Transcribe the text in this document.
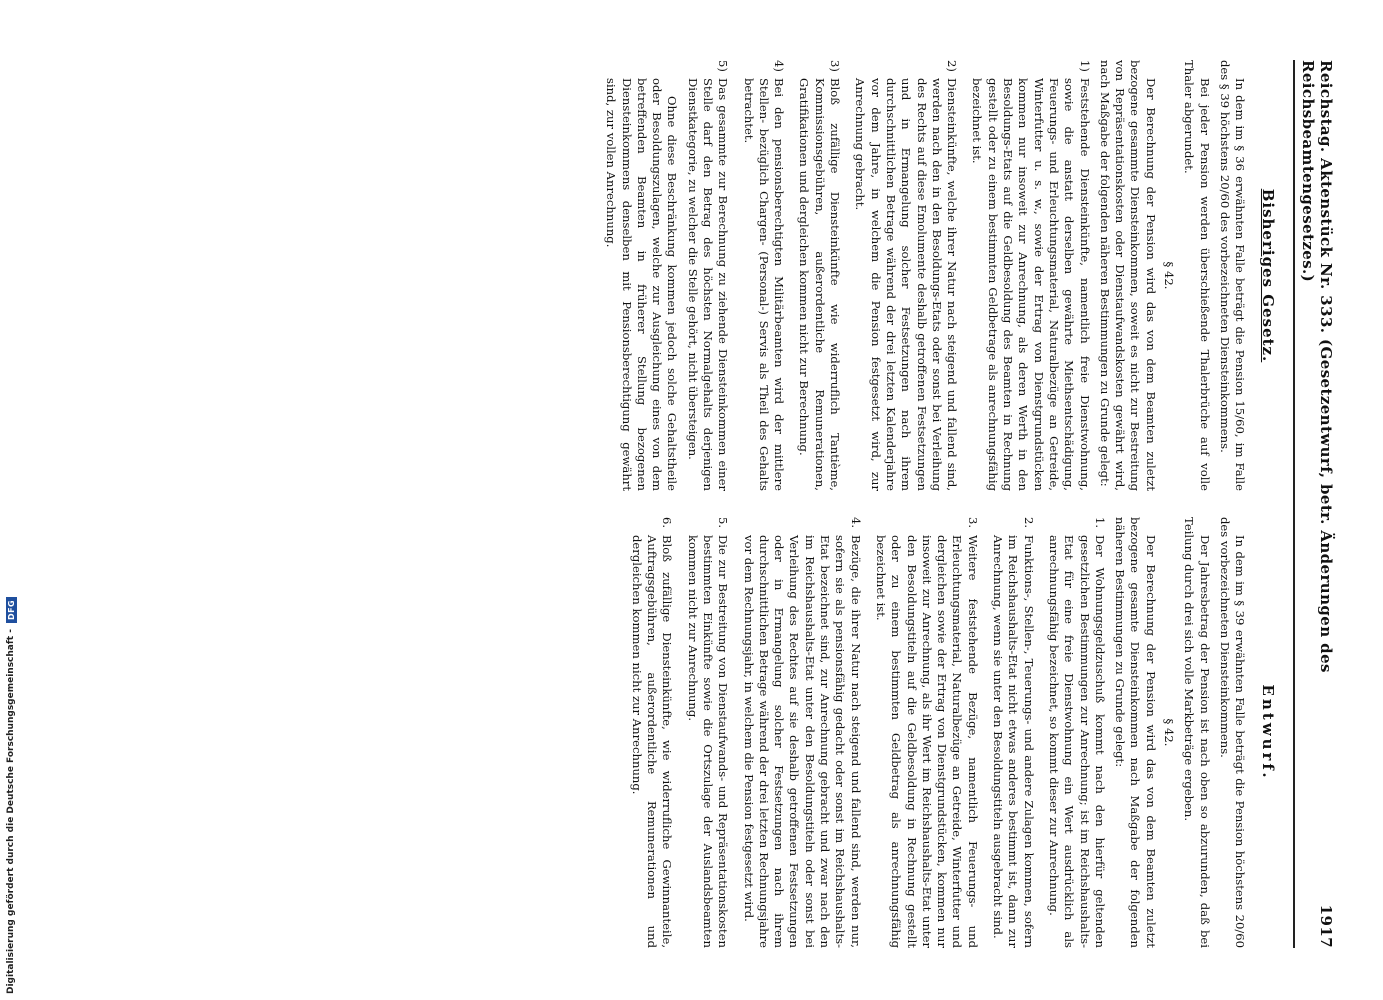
Reichstag. Aktenstück Nr. 333. (Gesetzentwurf, betr. Änderungen des Reichsbeamtengesetzes.)
1917
Bisheriges Gesetz.

In dem im § 36 erwähnten Falle beträgt die Pension 15/60, im Falle des § 39 höchstens 20/60 des vorbezeichneten Diensteinkommens.

Bei jeder Pension werden überschießende Thalerbrüche auf volle Thaler abgerundet.

§ 42.

Der Berechnung der Pension wird das von dem Beamten zuletzt bezogene gesammte Diensteinkommen, soweit es nicht zur Bestreitung von Repräsentationskosten oder Dienstaufwandskosten gewährt wird, nach Maßgabe der folgenden näheren Bestimmungen zu Grunde gelegt:

1)

Feststehende Diensteinkünfte, namentlich freie Dienstwohnung, sowie die anstatt derselben gewährte Miethsentschädigung, Feuerungs- und Erleuchtungsmaterial, Naturalbezüge an Getreide, Winterfutter u. s. w., sowie der Ertrag von Dienstgrundstücken kommen nur insoweit zur Anrechnung, als deren Werth in den Besoldungs-Etats auf die Geldbesoldung des Beamten in Rechnung gestellt oder zu einem bestimmten Geldbetrage als anrechnungsfähig bezeichnet ist.

2)

Diensteinkünfte, welche ihrer Natur nach steigend und fallend sind, werden nach den in den Besoldungs-Etats oder sonst bei Verleihung des Rechts auf diese Emolumente deshalb getroffenen Festsetzungen und in Ermangelung solcher Festsetzungen nach ihrem durchschnittlichen Betrage während der drei letzten Kalenderjahre vor dem Jahre, in welchem die Pension festgesetzt wird, zur Anrechnung gebracht.

3)

Bloß zufällige Diensteinkünfte wie widerruflich Tantième, Kommissionsgebühren, außerordentliche Remunerationen, Gratifikationen und dergleichen kommen nicht zur Berechnung.

4)

Bei den pensionsberechtigten Militärbeamten wird der mittlere Stellen- bezüglich Chargen- (Personal-) Servis als Theil des Gehalts betrachtet.

5)

Das gesammte zur Berechnung zu ziehende Diensteinkommen einer Stelle darf den Betrag des höchsten Normalgehalts derjenigen Dienstkategorie, zu welcher die Stelle gehört, nicht übersteigen.

Ohne diese Beschränkung kommen jedoch solche Gehaltstheile oder Besoldungszulagen, welche zur Ausgleichung eines von dem betreffenden Beamten in früherer Stellung bezogenen Diensteinkommens denselben mit Pensionsberechtigung gewährt sind, zur vollen Anrechnung.

Entwurf.

In dem im § 39 erwähnten Falle beträgt die Pension höchstens 20/60 des vorbezeichneten Diensteinkommens.

Der Jahresbetrag der Pension ist nach oben so abzurunden, daß bei Teilung durch drei sich volle Markbeträge ergeben.

§ 42.

Der Berechnung der Pension wird das von dem Beamten zuletzt bezogene gesamte Diensteinkommen nach Maßgabe der folgenden näheren Bestimmungen zu Grunde gelegt:

1.

Der Wohnungsgeldzuschuß kommt nach den hierfür geltenden gesetzlichen Bestimmungen zur Anrechnung; ist im Reichshaushalts-Etat für eine freie Dienstwohnung ein Wert ausdrücklich als anrechnungsfähig bezeichnet, so kommt dieser zur Anrechnung.

2.

Funktions-, Stellen-, Teuerungs- und andere Zulagen kommen, sofern im Reichshaushalts-Etat nicht etwas anderes bestimmt ist, dann zur Anrechnung, wenn sie unter den Besoldungstiteln ausgebracht sind.

3.

Weitere feststehende Bezüge, namentlich Feuerungs- und Erleuchtungsmaterial, Naturalbezüge an Getreide, Winterfutter und dergleichen sowie der Ertrag von Dienstgrundstücken, kommen nur insoweit zur Anrechnung, als ihr Wert im Reichshaushalts-Etat unter den Besoldungstiteln auf die Geldbesoldung in Rechnung gestellt oder zu einem bestimmten Geldbetrag als anrechnungsfähig bezeichnet ist.

4.

Bezüge, die ihrer Natur nach steigend und fallend sind, werden nur, sofern sie als pensionsfähig gedacht oder sonst im Reichshaushalts-Etat bezeichnet sind, zur Anrechnung gebracht und zwar nach den im Reichshaushalts-Etat unter den Besoldungstiteln oder sonst bei Verleihung des Rechtes auf sie deshalb getroffenen Festsetzungen oder in Ermangelung solcher Festsetzungen nach ihrem durchschnittlichen Betrage während der drei letzten Rechnungsjahre vor dem Rechnungsjahr, in welchem die Pension festgesetzt wird.

5.

Die zur Bestreitung von Dienstaufwands- und Repräsentationskosten bestimmten Einkünfte sowie die Ortszulage der Auslandsbeamten kommen nicht zur Anrechnung.

6.

Bloß zufällige Diensteinkünfte, wie widerrufliche Gewinnanteile, Auftragsgebühren, außerordentliche Remunerationen und dergleichen kommen nicht zur Anrechnung.

Digitalisierung gefördert durch die Deutsche Forschungsgemeinschaft -
DFG
